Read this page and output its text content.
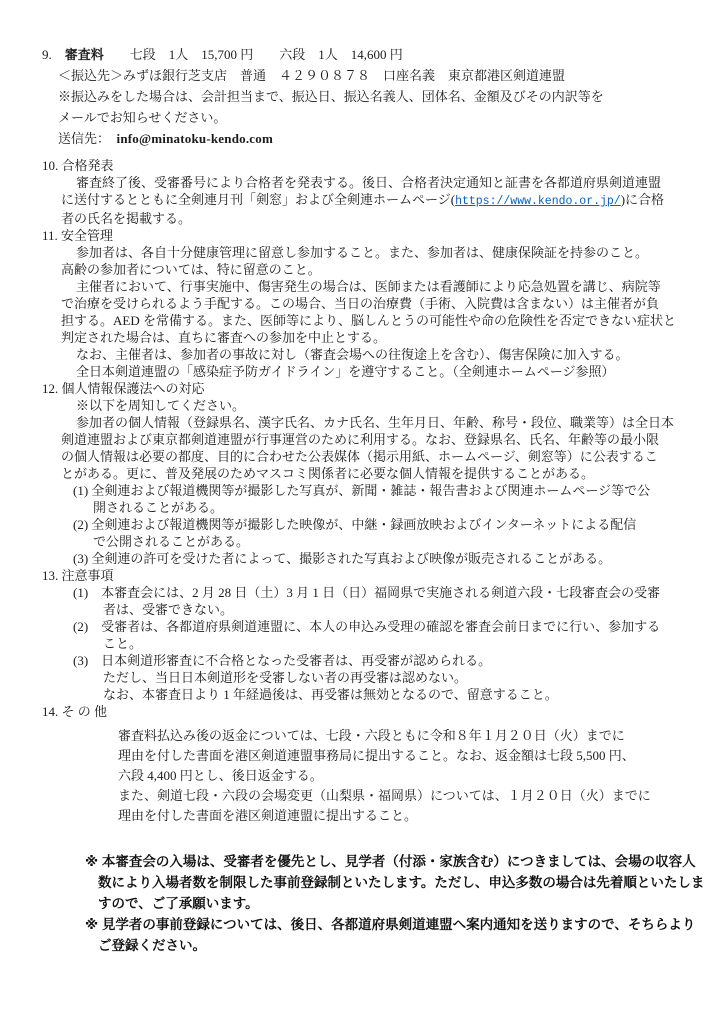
9.　審査料　　七段　1人　15,700 円　　六段　1人　14,600 円
＜振込先＞みずほ銀行芝支店　普通　４２９０８７８　口座名義　東京都港区剣道連盟
※振込みをした場合は、会計担当まで、振込日、振込名義人、団体名、金額及びその内訳等を
メールでお知らせください。
送信先：　info@minatoku-kendo.com
10. 合格発表
審査終了後、受審番号により合格者を発表する。後日、合格者決定通知と証書を各都道府県剣道連盟
に送付するとともに全剣連月刊「剣窓」および全剣連ホームページ(https://www.kendo.or.jp/)に合格
者の氏名を掲載する。
11. 安全管理
参加者は、各自十分健康管理に留意し参加すること。また、参加者は、健康保険証を持参のこと。
高齢の参加者については、特に留意のこと。
主催者において、行事実施中、傷害発生の場合は、医師または看護師により応急処置を講じ、病院等
で治療を受けられるよう手配する。この場合、当日の治療費（手術、入院費は含まない）は主催者が負
担する。AED を常備する。また、医師等により、脳しんとうの可能性や命の危険性を否定できない症状と
判定された場合は、直ちに審査への参加を中止とする。
なお、主催者は、参加者の事故に対し（審査会場への往復途上を含む）、傷害保険に加入する。
全日本剣道連盟の「感染症予防ガイドライン」を遵守すること。（全剣連ホームページ参照）
12. 個人情報保護法への対応
※以下を周知してください。
参加者の個人情報（登録県名、漢字氏名、カナ氏名、生年月日、年齢、称号・段位、職業等）は全日本
剣道連盟および東京都剣道連盟が行事運営のために利用する。なお、登録県名、氏名、年齢等の最小限
の個人情報は必要の都度、目的に合わせた公表媒体（掲示用紙、ホームページ、剣窓等）に公表するこ
とがある。更に、普及発展のためマスコミ関係者に必要な個人情報を提供することがある。
(1) 全剣連および報道機関等が撮影した写真が、新聞・雑誌・報告書および関連ホームページ等で公
開されることがある。
(2) 全剣連および報道機関等が撮影した映像が、中継・録画放映およびインターネットによる配信
で公開されることがある。
(3) 全剣連の許可を受けた者によって、撮影された写真および映像が販売されることがある。
13. 注意事項
(1)　本審査会には、2 月 28 日（土）3 月 1 日（日）福岡県で実施される剣道六段・七段審査会の受審
者は、受審できない。
(2)　受審者は、各都道府県剣道連盟に、本人の申込み受理の確認を審査会前日までに行い、参加する
こと。
(3)　日本剣道形審査に不合格となった受審者は、再受審が認められる。
ただし、当日日本剣道形を受審しない者の再受審は認めない。
なお、本審査日より 1 年経過後は、再受審は無効となるので、留意すること。
14. そ の 他
審査料払込み後の返金については、七段・六段ともに令和８年１月２０日（火）までに
理由を付した書面を港区剣道連盟事務局に提出すること。なお、返金額は七段 5,500 円、
六段 4,400 円とし、後日返金する。
また、剣道七段・六段の会場変更（山梨県・福岡県）については、１月２０日（火）までに
理由を付した書面を港区剣道連盟に提出すること。
※ 本審査会の入場は、受審者を優先とし、見学者（付添・家族含む）につきましては、会場の収容人
数により入場者数を制限した事前登録制といたします。ただし、申込多数の場合は先着順といたしま
すので、ご了承願います。
※ 見学者の事前登録については、後日、各都道府県剣道連盟へ案内通知を送りますので、そちらより
ご登録ください。
